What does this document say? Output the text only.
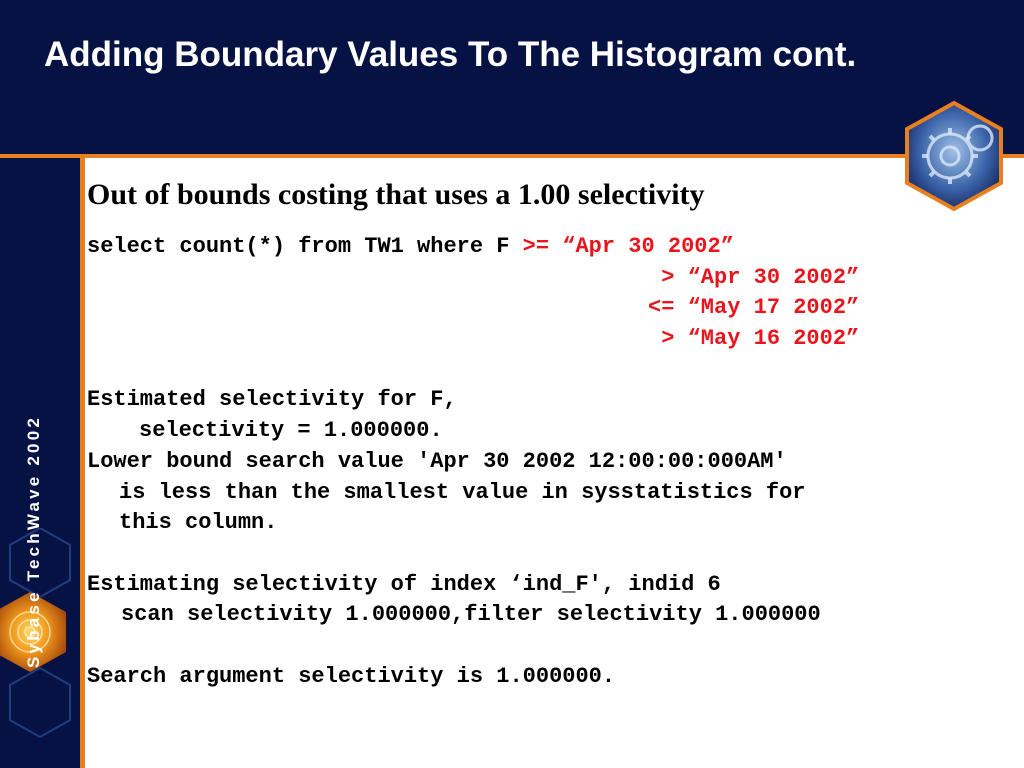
Adding Boundary Values To The Histogram cont.
Sybase TechWave 2002
Out of bounds costing that uses a 1.00 selectivity
select count(*) from TW1 where F >= “Apr 30 2002”
> “Apr 30 2002”
<= “May 17 2002”
> “May 16 2002”
Estimated selectivity for F,
selectivity = 1.000000.
Lower bound search value 'Apr 30 2002 12:00:00:000AM'
is less than the smallest value in sysstatistics for
this column.
Estimating selectivity of index ‘ind_F', indid 6
scan selectivity 1.000000,filter selectivity 1.000000
Search argument selectivity is 1.000000.
